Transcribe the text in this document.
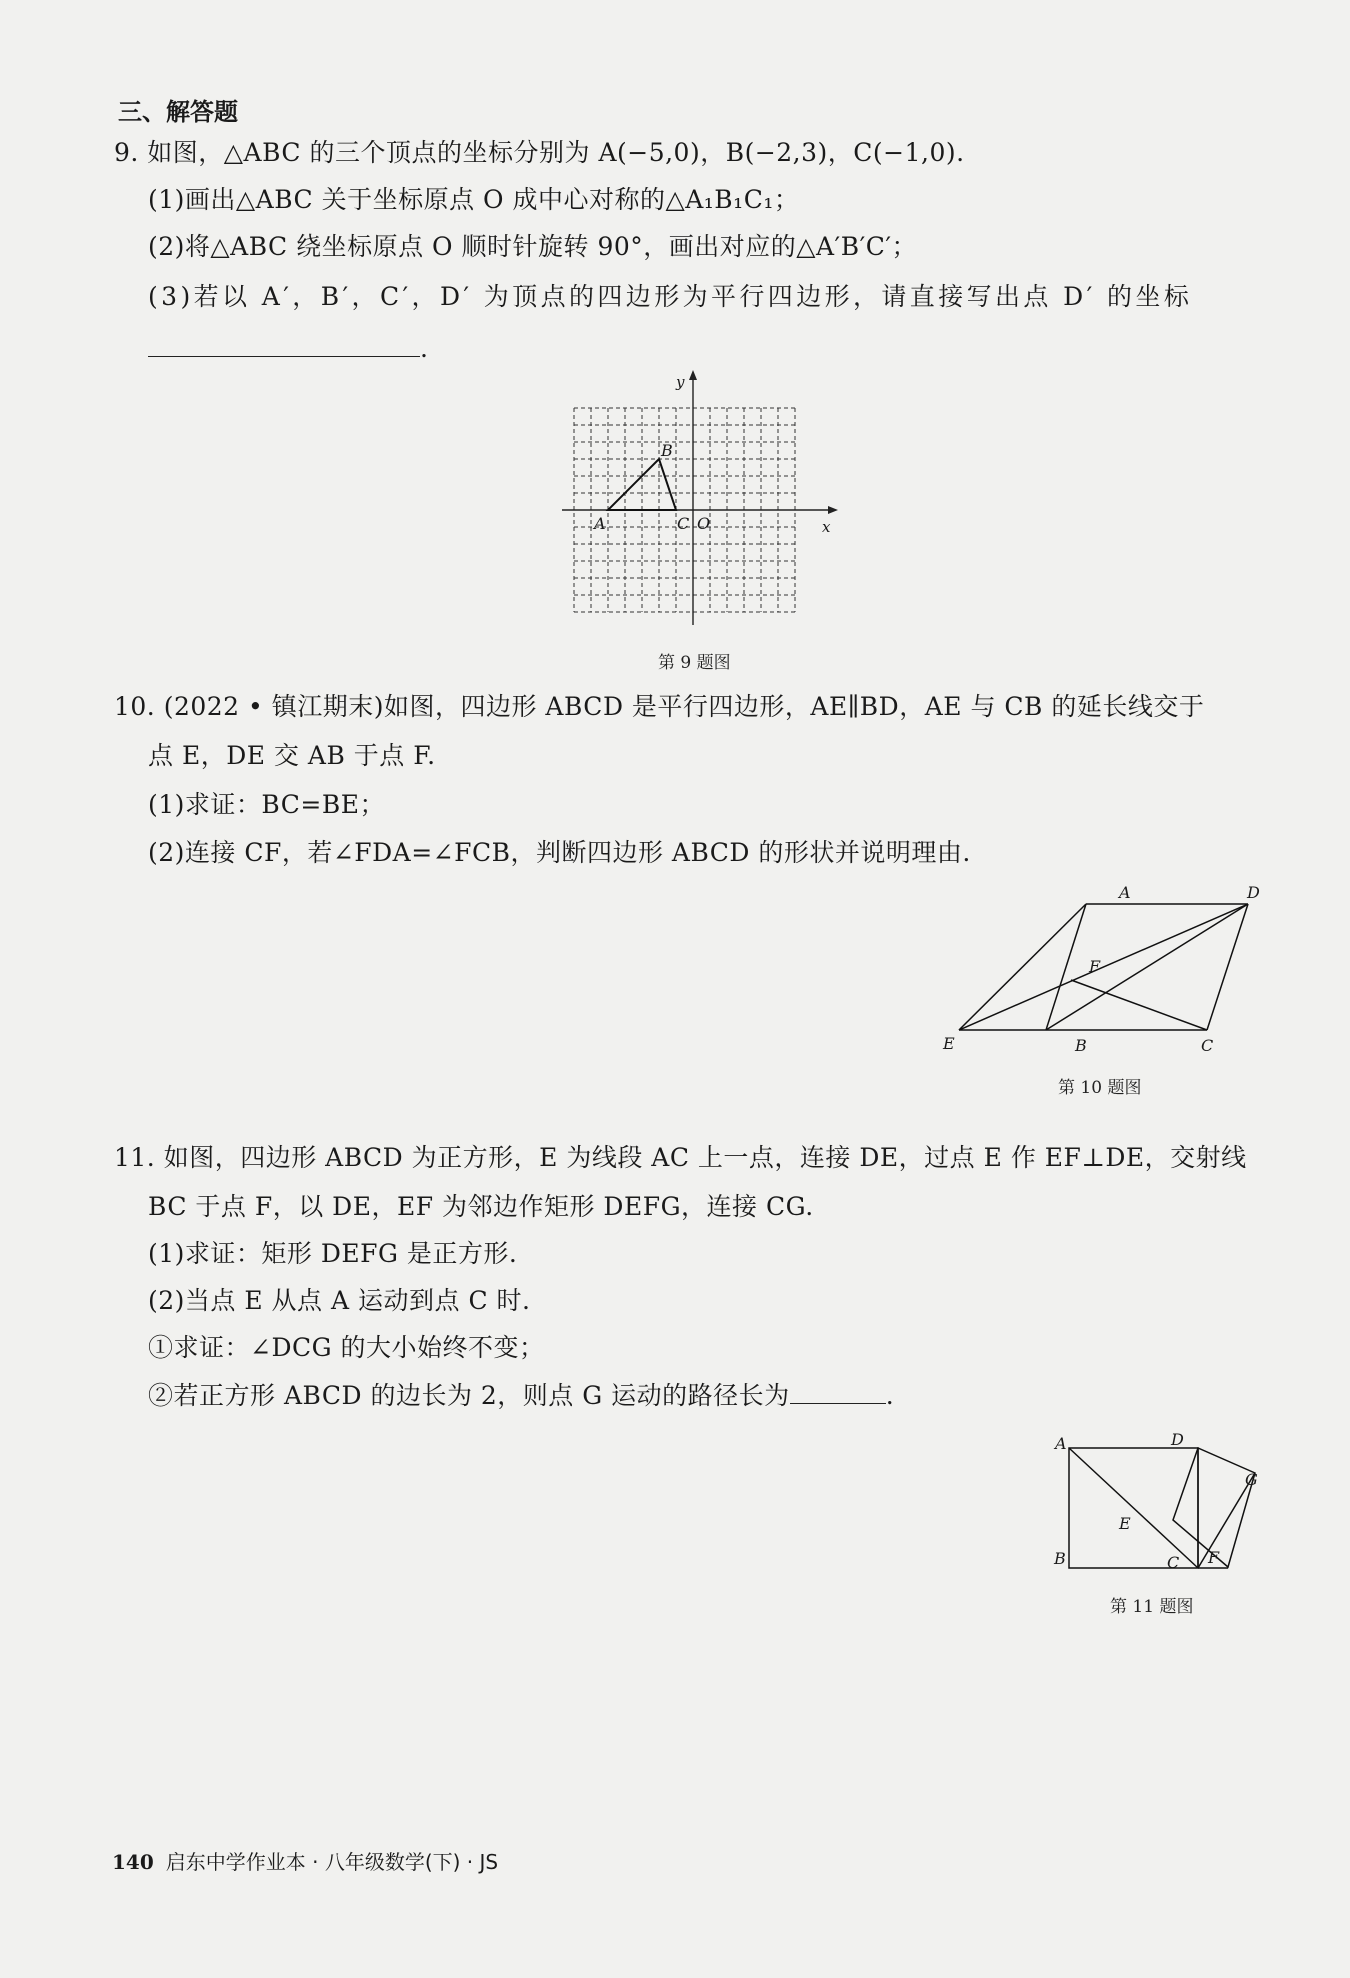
三、解答题
9. 如图，△ABC 的三个顶点的坐标分别为 A(−5,0)，B(−2,3)，C(−1,0).
(1)画出△ABC 关于坐标原点 O 成中心对称的△A₁B₁C₁；
(2)将△ABC 绕坐标原点 O 顺时针旋转 90°，画出对应的△A′B′C′；
(3)若以 A′，B′，C′，D′ 为顶点的四边形为平行四边形，请直接写出点 D′ 的坐标
.
y
x
A
B
C O
第 9 题图
10. (2022 • 镇江期末)如图，四边形 ABCD 是平行四边形，AE∥BD，AE 与 CB 的延长线交于
点 E，DE 交 AB 于点 F.
(1)求证：BC=BE；
(2)连接 CF，若∠FDA=∠FCB，判断四边形 ABCD 的形状并说明理由.
A	D
F
E	B	C
第 10 题图
11. 如图，四边形 ABCD 为正方形，E 为线段 AC 上一点，连接 DE，过点 E 作 EF⊥DE，交射线
BC 于点 F，以 DE，EF 为邻边作矩形 DEFG，连接 CG.
(1)求证：矩形 DEFG 是正方形.
(2)当点 E 从点 A 运动到点 C 时.
①求证：∠DCG 的大小始终不变；
②若正方形 ABCD 的边长为 2，则点 G 运动的路径长为	.
A	D
G
E
B	C F
第 11 题图
140 启东中学作业本 · 八年级数学(下) · JS
